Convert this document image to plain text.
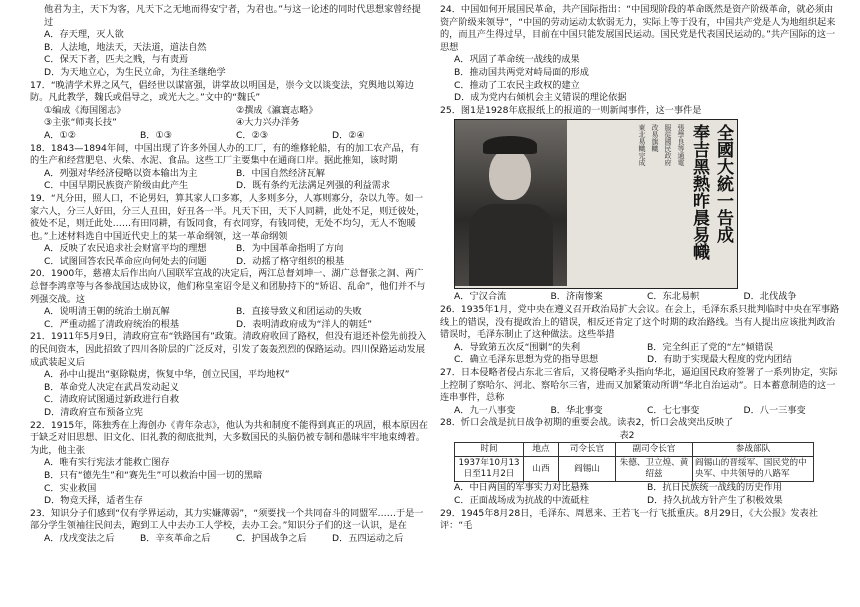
他君为主，天下为客，凡天下之无地而得安宁者，为君也。”与这一论述的同时代思想家曾经提过

A．存天理，灭人欲

B．人法地，地法天，天法道，道法自然

C．保天下者，匹夫之贱，与有责焉

D．为天地立心，为生民立命，为往圣继绝学

17．“晚清学术界之风气，倡经世以谋富强，讲掌故以明国是，崇今文以谈变法，究舆地以筹边防。凡此教学，魏氏或倡导之，或光大之。”文中的“魏氏”

①编成《海国图志》	②撰成《瀛寰志略》
③主张“师夷长技”	④大力兴办洋务
A．①②	B．①③	C．②③	D．②④

18．1843—1894年间，中国出现了许多外国人办的工厂，有的维修轮船，有的加工农产品，有的生产和经营肥皂、火柴、水泥、食品。这些工厂主要集中在通商口岸。据此推知，该时期

A．列强对华经济侵略以资本输出为主	B．中国自然经济瓦解
C．中国早期民族资产阶级由此产生	D．既有条约无法满足列强的利益需求

19．“凡分田，照人口，不论男妇，算其家人口多寡，人多则多分，人寡则寡分，杂以九等。如一家六人，分三人好田，分三人丑田，好丑各一半。凡天下田，天下人同耕，此处不足，则迁彼处，彼处不足，则迁此处……有田同耕，有饭同食，有衣同穿，有钱同使，无处不均匀，无人不饱暖也。”上述材料选自中国近代史上的某一革命纲领，这一革命纲领

A．反映了农民追求社会财富平均的理想	B．为中国革命指明了方向
C．试图回答农民革命应向何处去的问题	D．动摇了格守组织的根基

20．1900年，慈禧太后作出向八国联军宣战的决定后，两江总督刘坤一、湖广总督张之洞、两广总督李鸿章等与各参战国达成协议，他们称皇室诏令是义和团胁持下的“矫诏、乱命”，他们并不与列强交战。这

A．说明清王朝的统治土崩瓦解	B．直接导致义和团运动的失败
C．严重动摇了清政府统治的根基	D．表明清政府成为“洋人的朝廷”

21．1911年5月9日，清政府宣布“铁路国有”政策。清政府收回了路权，但没有退还补偿先前投入的民间资本，因此招致了四川各阶层的广泛反对，引发了轰轰烈烈的保路运动。四川保路运动发展成武装起义后

A．孙中山提出“驱除鞑虏，恢复中华，创立民国，平均地权”

B．革命党人决定在武昌发动起义

C．清政府试图通过新政进行自救

D．清政府宣布预备立宪

22．1915年，陈独秀在上海创办《青年杂志》，他认为共和制度不能得到真正的巩固，根本原因在于缺乏对旧思想、旧文化、旧礼教的彻底批判，大多数国民的头脑仍被专制和愚昧牢牢地束缚着。为此，他主张

A．唯有实行宪法才能救亡图存

B．只有“德先生”和“赛先生”可以救治中国一切的黑暗

C．实业救国

D．物竞天择，适者生存

23．知识分子们感到“仅有学界运动，其力实嫌薄弱”，“须要找一个共同奋斗的同盟军……于是一部分学生领袖往民间去，跑到工人中去办工人学校，去办工会。”知识分子们的这一认识，是在

A．戊戌变法之后	B．辛亥革命之后	C．护国战争之后	D．五四运动之后

24．中国如何开展国民革命，共产国际指出：“中国现阶段的革命既然是资产阶级革命，就必须由资产阶级来领导”，“中国的劳动运动太软弱无力，实际上等于没有，中国共产党是人为地组织起来的，而且产生得过早，目前在中国只能发展国民运动。国民党是代表国民运动的。”共产国际的这一思想

A．巩固了革命统一战线的成果

B．推动国共两党对峙局面的形成

C．推动了工农民主政权的建立

D．成为党内右倾机会主义错误的理论依据

25．图1是1928年底报纸上的报道的一则新闻事件，这一事件是

全國大統一告成
奉吉黑熱昨晨易幟
張學良等通電
服從國民政府
改易旗幟
東北易幟完成
A．宁汉合流	B．济南惨案	C．东北易帜	D．北伐战争

26．1935年1月，党中央在遵义召开政治局扩大会议。在会上，毛泽东系只批判临时中央在军事路线上的错误，没有提政治上的错误，相反还肯定了这个时期的政治路线。当有人提出应该批判政治错误时，毛泽东制止了这种做法。这些举措

A．导致第五次反“围剿”的失利	B．完全纠正了党的“左”倾错误
C．确立毛泽东思想为党的指导思想	D．有助于实现最大程度的党内团结

27．日本侵略者侵占东北三省后，又将侵略矛头指向华北，逼迫国民政府签署了一系列协定，实际上控制了察哈尔、河北、察哈尔三省，进而又加紧策动所谓“华北自治运动”。日本蓄意制造的这一连串事件，总称

A．九一八事变	B．华北事变	C．七七事变	D．八一三事变

28．忻口会战是抗日战争初期的重要会战。读表2，忻口会战突出反映了

表2
时间	地点	司令长官	副司令长官	参战部队
1937年10月13日至11月2日	山西	阎锡山	朱德、卫立煌、黄绍兹	阎锡山的晋绥军、国民党的中央军、中共领导的八路军
A．中日两国的军事实力对比悬殊	B．抗日民族统一战线的历史作用
C．正面战场成为抗战的中流砥柱	D．持久抗战方针产生了积极效果

29．1945年8月28日，毛泽东、周恩来、王若飞一行飞抵重庆。8月29日，《大公报》发表社评：“毛
